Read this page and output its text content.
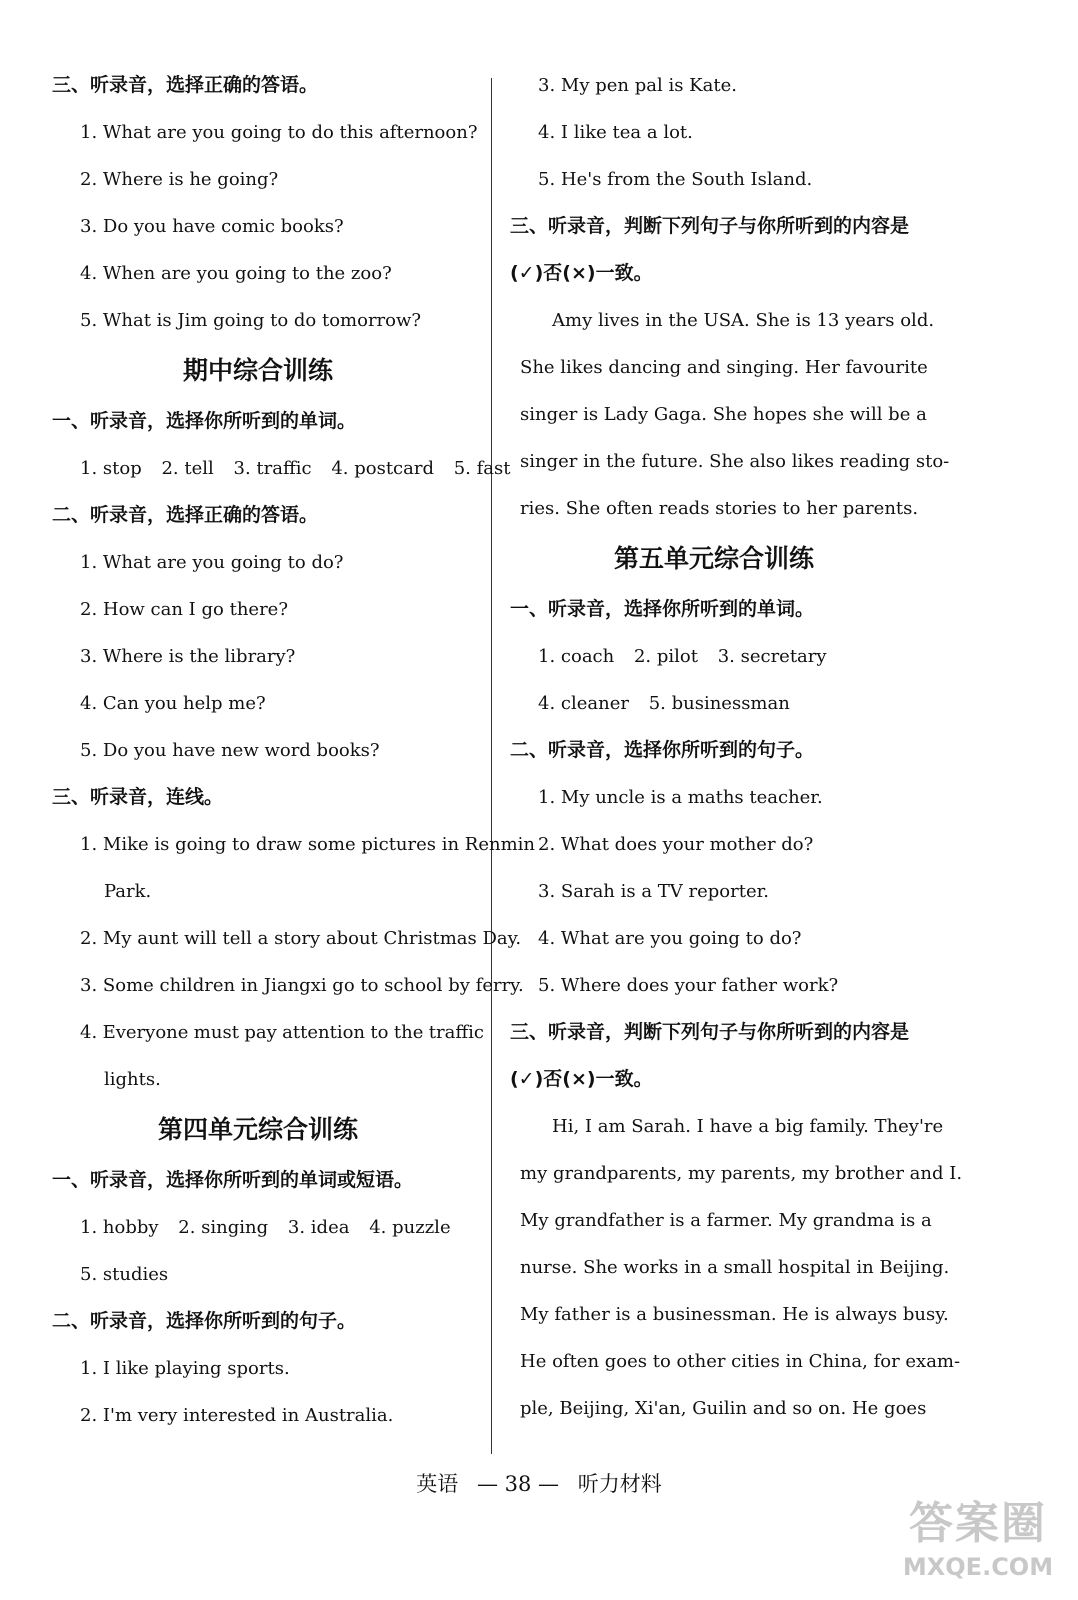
三、听录音，选择正确的答语。
1. What are you going to do this afternoon?
2. Where is he going?
3. Do you have comic books?
4. When are you going to the zoo?
5. What is Jim going to do tomorrow?
期中综合训练
一、听录音，选择你所听到的单词。
1. stop 2. tell 3. traffic 4. postcard 5. fast
二、听录音，选择正确的答语。
1. What are you going to do?
2. How can I go there?
3. Where is the library?
4. Can you help me?
5. Do you have new word books?
三、听录音，连线。
1. Mike is going to draw some pictures in Renmin
Park.
2. My aunt will tell a story about Christmas Day.
3. Some children in Jiangxi go to school by ferry.
4. Everyone must pay attention to the traffic
lights.
第四单元综合训练
一、听录音，选择你所听到的单词或短语。
1. hobby 2. singing 3. idea 4. puzzle
5. studies
二、听录音，选择你所听到的句子。
1. I like playing sports.
2. I'm very interested in Australia.
3. My pen pal is Kate.
4. I like tea a lot.
5. He's from the South Island.
三、听录音，判断下列句子与你所听到的内容是
(✓)否(×)一致。
Amy lives in the USA. She is 13 years old.
She likes dancing and singing. Her favourite
singer is Lady Gaga. She hopes she will be a
singer in the future. She also likes reading sto-
ries. She often reads stories to her parents.
第五单元综合训练
一、听录音，选择你所听到的单词。
1. coach 2. pilot 3. secretary
4. cleaner 5. businessman
二、听录音，选择你所听到的句子。
1. My uncle is a maths teacher.
2. What does your mother do?
3. Sarah is a TV reporter.
4. What are you going to do?
5. Where does your father work?
三、听录音，判断下列句子与你所听到的内容是
(✓)否(×)一致。
Hi, I am Sarah. I have a big family. They're
my grandparents, my parents, my brother and I.
My grandfather is a farmer. My grandma is a
nurse. She works in a small hospital in Beijing.
My father is a businessman. He is always busy.
He often goes to other cities in China, for exam-
ple, Beijing, Xi'an, Guilin and so on. He goes
英语 — 38 — 听力材料
答案圈
MXQE.COM
